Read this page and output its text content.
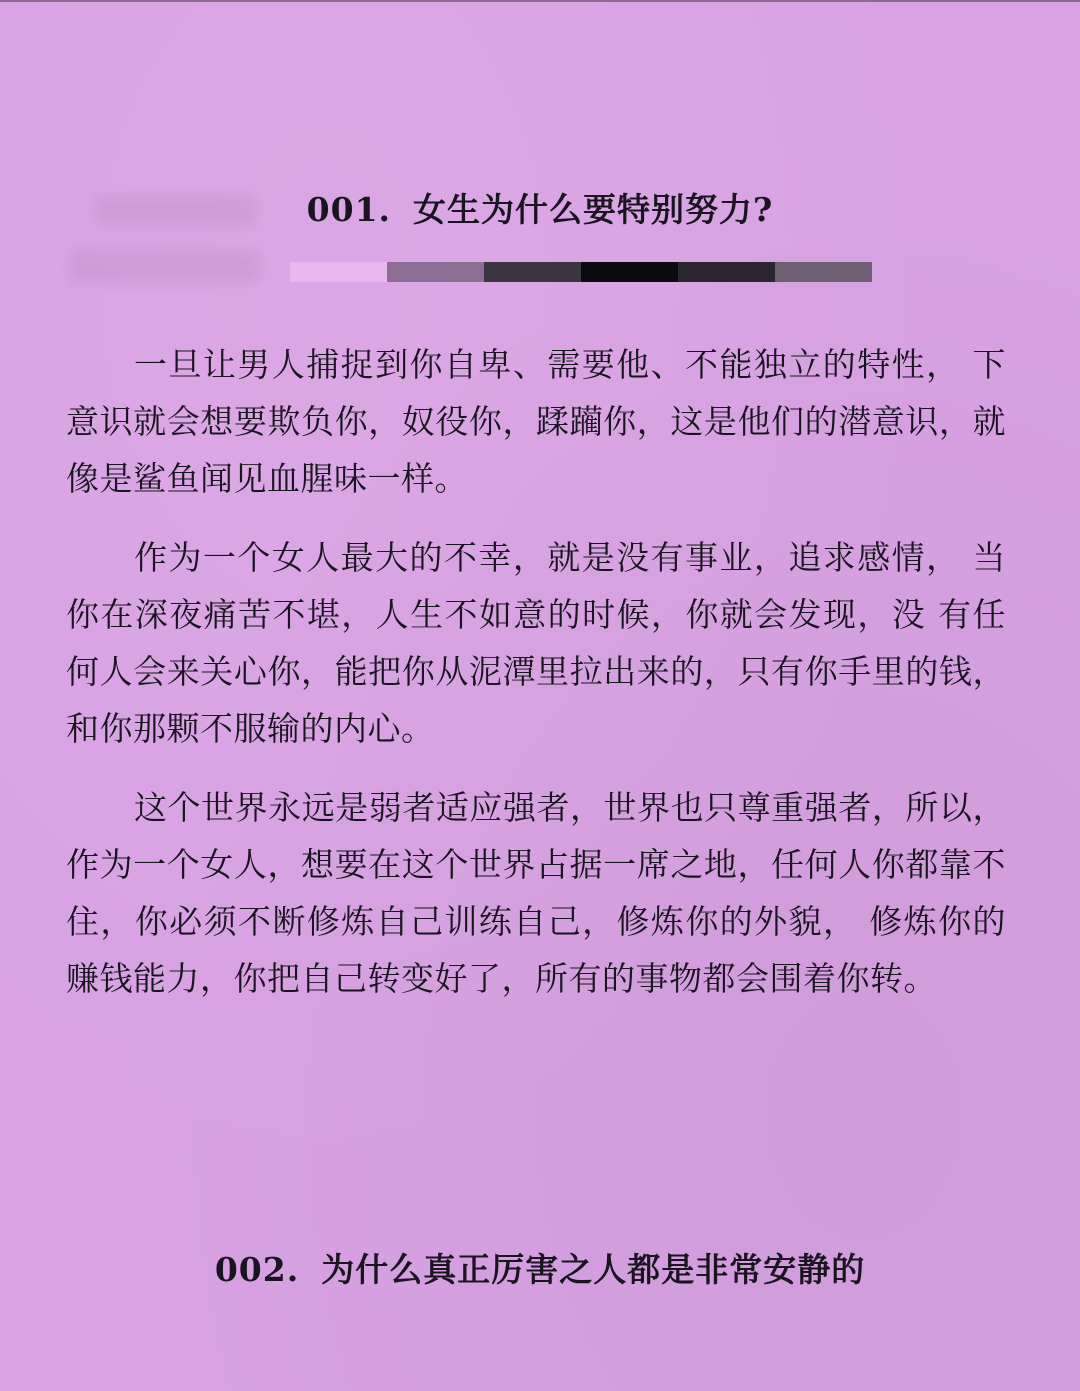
001. 女生为什么要特别努力?

一旦让男人捕捉到你自卑、需要他、不能独立的特性， 下意识就会想要欺负你，奴役你，蹂躏你，这是他们的潜意识，就像是鲨鱼闻见血腥味一样。

作为一个女人最大的不幸，就是没有事业，追求感情， 当你在深夜痛苦不堪，人生不如意的时候，你就会发现，没 有任何人会来关心你，能把你从泥潭里拉出来的，只有你手里的钱，和你那颗不服输的内心。

这个世界永远是弱者适应强者，世界也只尊重强者，所以，作为一个女人，想要在这个世界占据一席之地，任何人你都靠不住，你必须不断修炼自己训练自己，修炼你的外貌， 修炼你的赚钱能力，你把自己转变好了，所有的事物都会围着你转。

002. 为什么真正厉害之人都是非常安静的
